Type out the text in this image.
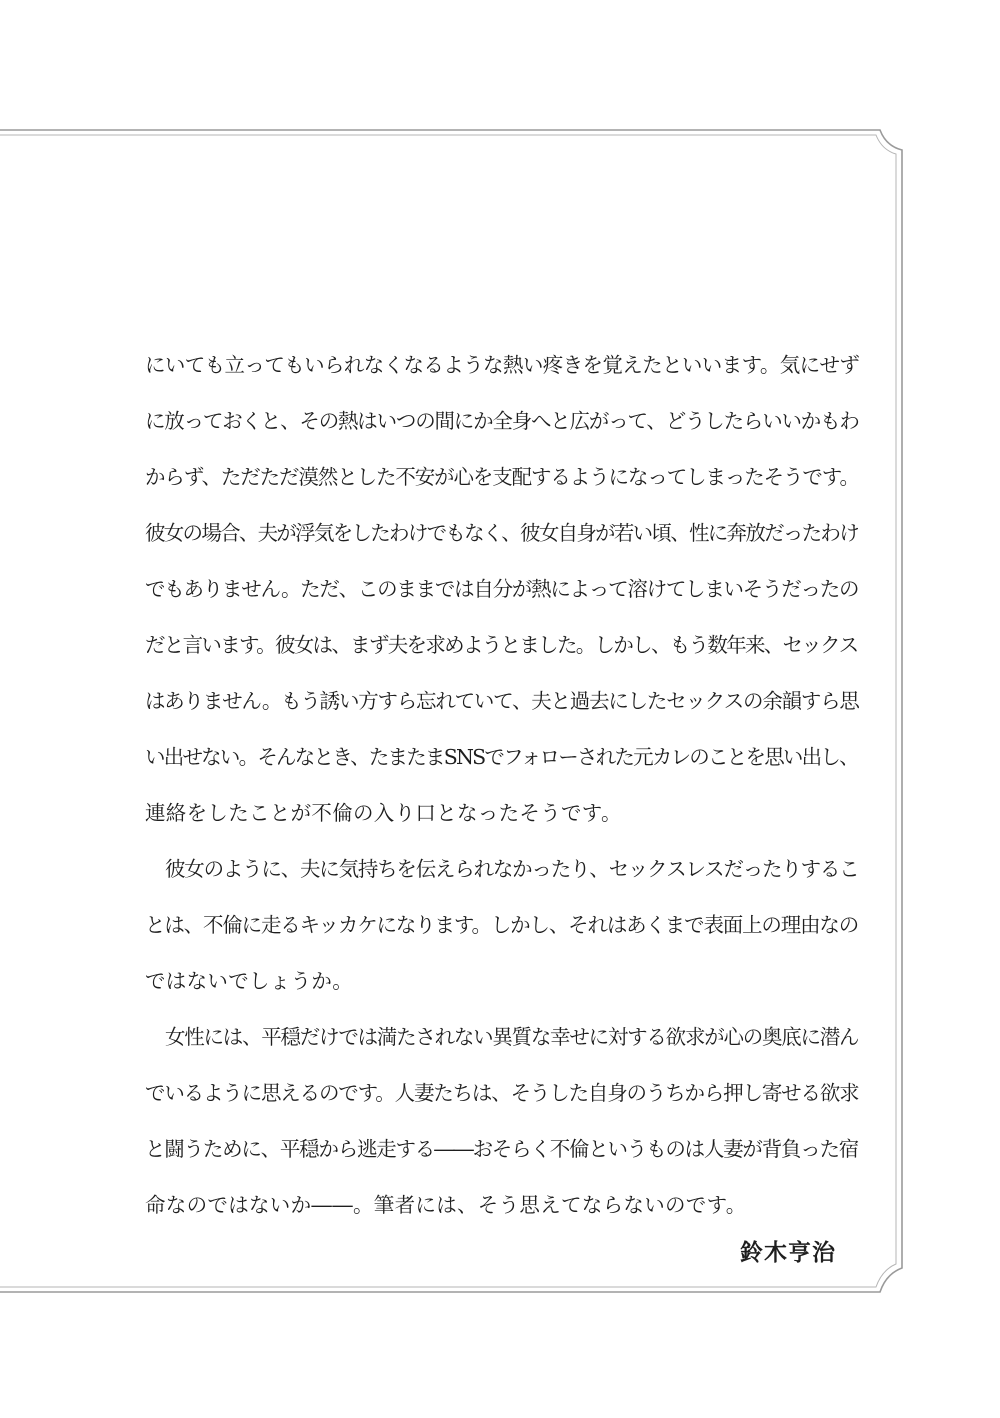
にいても立ってもいられなくなるような熱い疼きを覚えたといいます。気にせず
に放っておくと、その熱はいつの間にか全身へと広がって、どうしたらいいかもわ
からず、ただただ漠然とした不安が心を支配するようになってしまったそうです。
彼女の場合、夫が浮気をしたわけでもなく、彼女自身が若い頃、性に奔放だったわけ
でもありません。ただ、このままでは自分が熱によって溶けてしまいそうだったの
だと言います。彼女は、まず夫を求めようとました。しかし、もう数年来、セックス
はありません。もう誘い方すら忘れていて、夫と過去にしたセックスの余韻すら思
い出せない。そんなとき、たまたまSNSでフォローされた元カレのことを思い出し、
連絡をしたことが不倫の入り口となったそうです。
彼女のように、夫に気持ちを伝えられなかったり、セックスレスだったりするこ
とは、不倫に走るキッカケになります。しかし、それはあくまで表面上の理由なの
ではないでしょうか。
女性には、平穏だけでは満たされない異質な幸せに対する欲求が心の奥底に潜ん
でいるように思えるのです。人妻たちは、そうした自身のうちから押し寄せる欲求
と闘うために、平穏から逃走する――おそらく不倫というものは人妻が背負った宿
命なのではないか――。筆者には、そう思えてならないのです。
鈴木亨治
